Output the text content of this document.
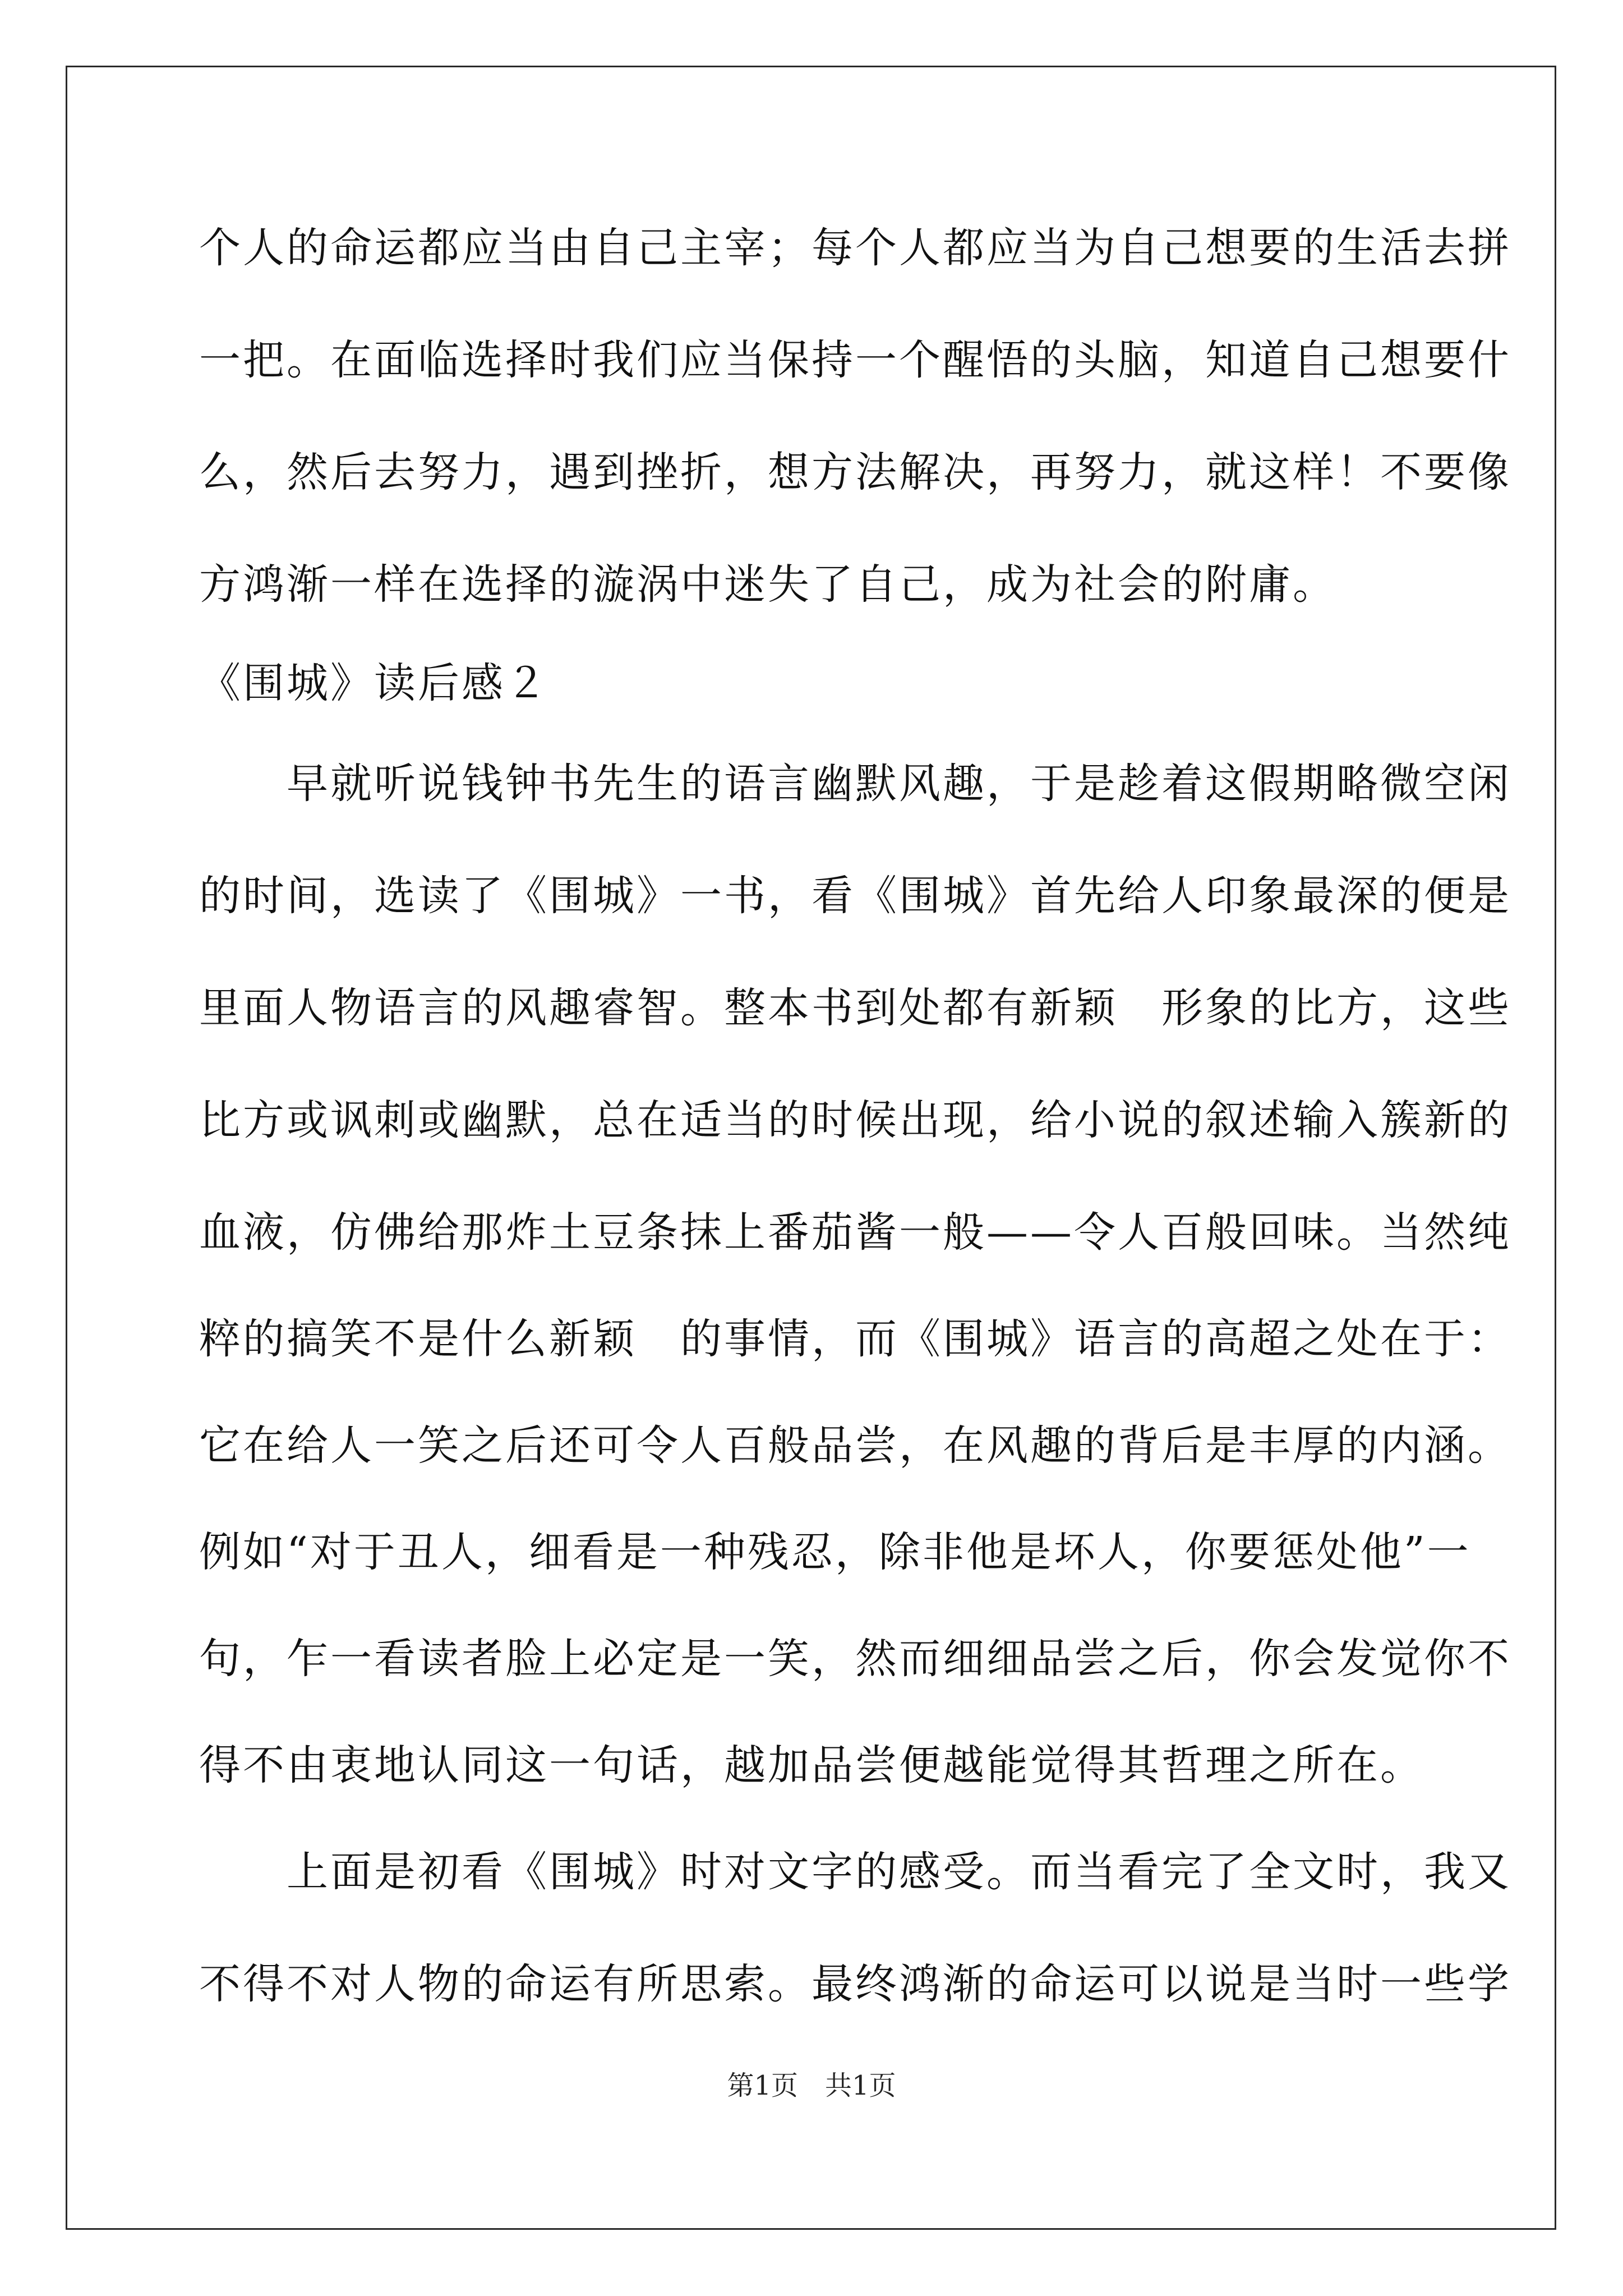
个人的命运都应当由自己主宰；每个人都应当为自己想要的生活去拼
一把。在面临选择时我们应当保持一个醒悟的头脑，知道自己想要什
么，然后去努力，遇到挫折，想方法解决，再努力，就这样！不要像
方鸿渐一样在选择的漩涡中迷失了自己，成为社会的附庸。
《围城》读后感２
　　早就听说钱钟书先生的语言幽默风趣，于是趁着这假期略微空闲
的时间，选读了《围城》一书，看《围城》首先给人印象最深的便是
里面人物语言的风趣睿智。整本书到处都有新颖　形象的比方，这些
比方或讽刺或幽默，总在适当的时候出现，给小说的叙述输入簇新的
血液，仿佛给那炸土豆条抹上番茄酱一般——令人百般回味。当然纯
粹的搞笑不是什么新颖　的事情，而《围城》语言的高超之处在于：
它在给人一笑之后还可令人百般品尝，在风趣的背后是丰厚的内涵。
例如“对于丑人，细看是一种残忍，除非他是坏人，你要惩处他”一
句，乍一看读者脸上必定是一笑，然而细细品尝之后，你会发觉你不
得不由衷地认同这一句话，越加品尝便越能觉得其哲理之所在。
　　上面是初看《围城》时对文字的感受。而当看完了全文时，我又
不得不对人物的命运有所思索。最终鸿渐的命运可以说是当时一些学
第1页　共1页
